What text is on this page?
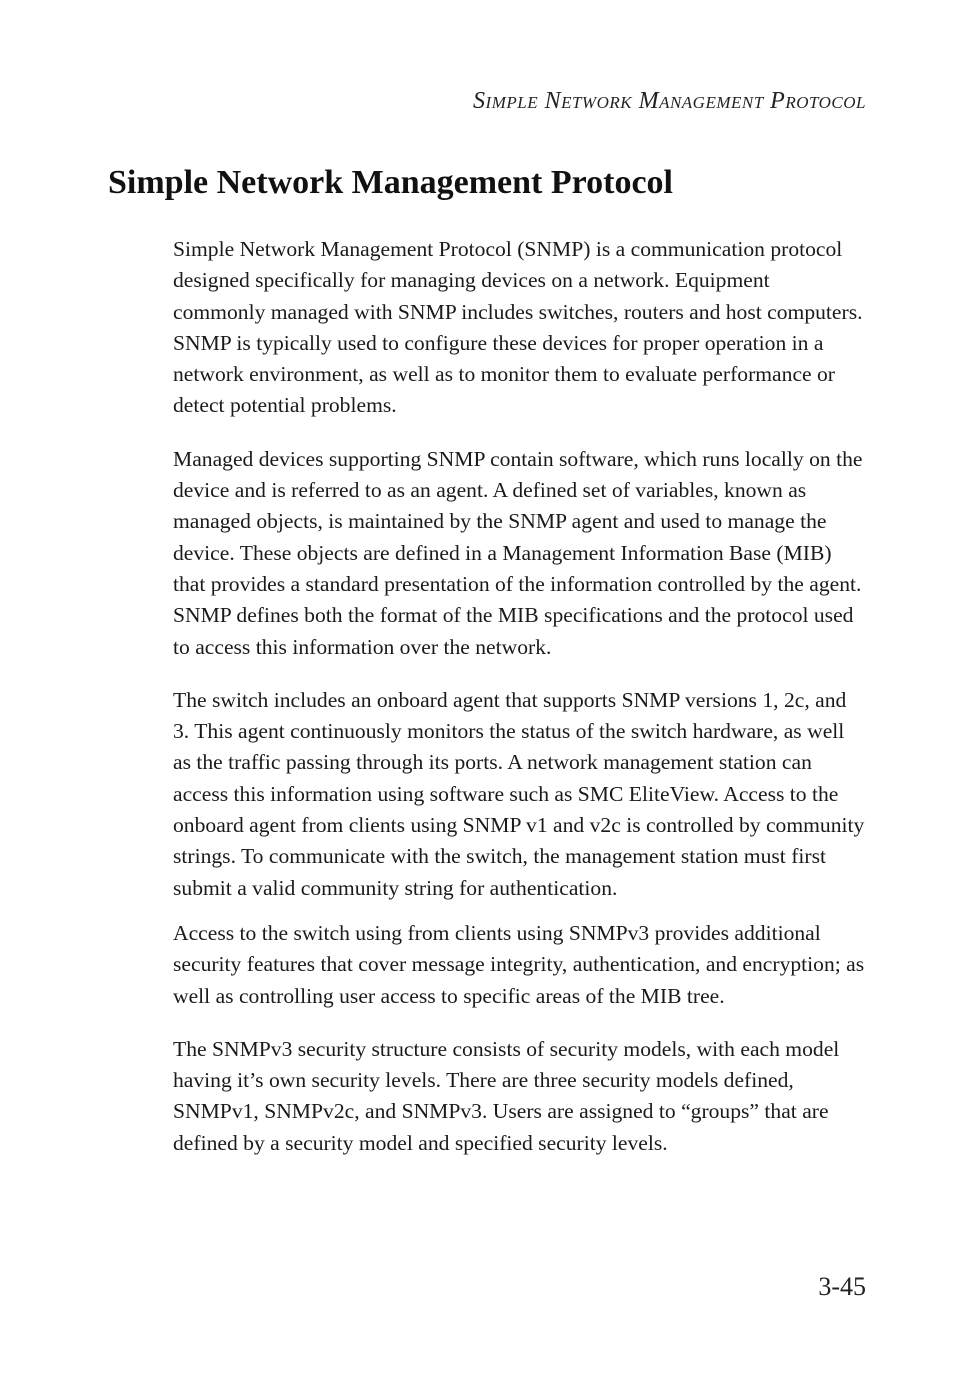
Simple Network Management Protocol
Simple Network Management Protocol

Simple Network Management Protocol (SNMP) is a communication protocol designed specifically for managing devices on a network. Equipment commonly managed with SNMP includes switches, routers and host computers. SNMP is typically used to configure these devices for proper operation in a network environment, as well as to monitor them to evaluate performance or detect potential problems.

Managed devices supporting SNMP contain software, which runs locally on the device and is referred to as an agent. A defined set of variables, known as managed objects, is maintained by the SNMP agent and used to manage the device. These objects are defined in a Management Information Base (MIB) that provides a standard presentation of the information controlled by the agent. SNMP defines both the format of the MIB specifications and the protocol used to access this information over the network.

The switch includes an onboard agent that supports SNMP versions 1, 2c, and 3. This agent continuously monitors the status of the switch hardware, as well as the traffic passing through its ports. A network management station can access this information using software such as SMC EliteView. Access to the onboard agent from clients using SNMP v1 and v2c is controlled by community strings. To communicate with the switch, the management station must first submit a valid community string for authentication.

Access to the switch using from clients using SNMPv3 provides additional security features that cover message integrity, authentication, and encryption; as well as controlling user access to specific areas of the MIB tree.

The SNMPv3 security structure consists of security models, with each model having it’s own security levels. There are three security models defined, SNMPv1, SNMPv2c, and SNMPv3. Users are assigned to “groups” that are defined by a security model and specified security levels.

3-45
